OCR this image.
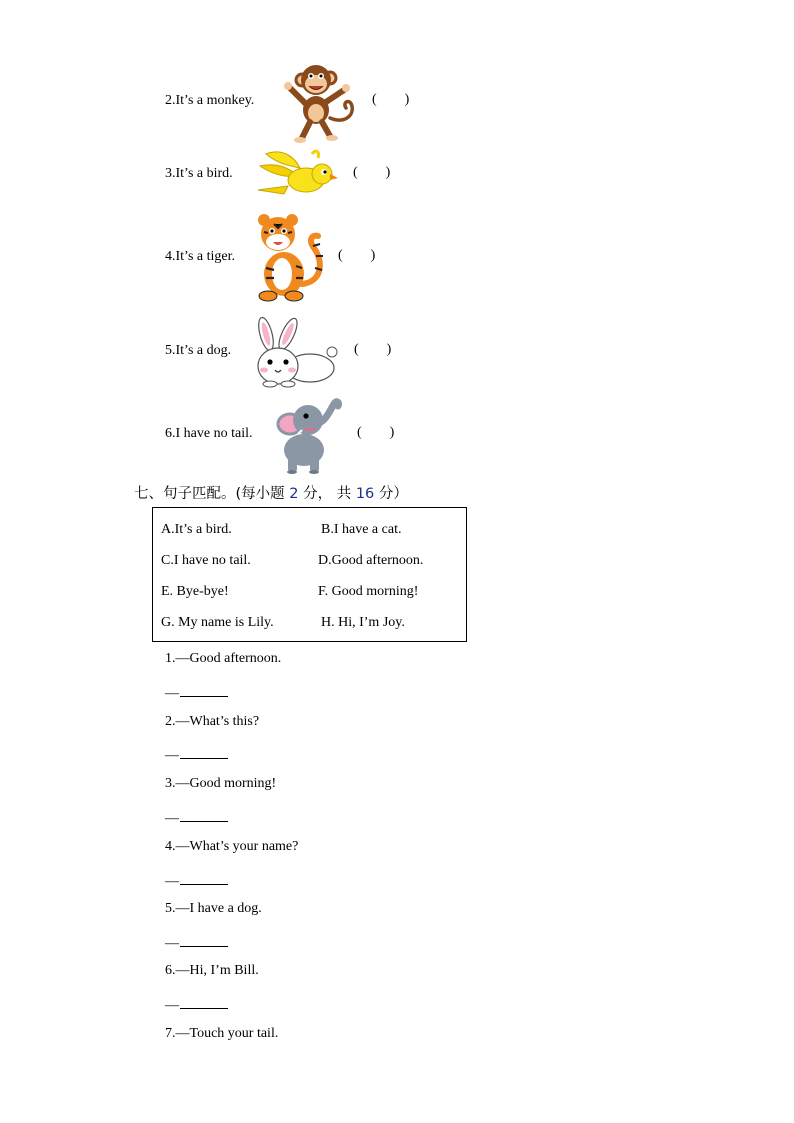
2.It’s a monkey.	(        )
3.It’s a bird.	(        )
4.It’s a tiger.	(        )
5.It’s a dog.	(        )
6.I have no tail.	(        )
七、句子匹配。(每小题 2 分， 共 16 分）
A.It’s a bird.	B.I have a cat.
C.I have no tail.	D.Good afternoon.
E. Bye-bye!	F. Good morning!
G. My name is Lily.	H. Hi, I’m Joy.
1.—Good afternoon.
—
2.—What’s this?
—
3.—Good morning!
—
4.—What’s your name?
—
5.—I have a dog.
—
6.—Hi, I’m Bill.
—
7.—Touch your tail.
